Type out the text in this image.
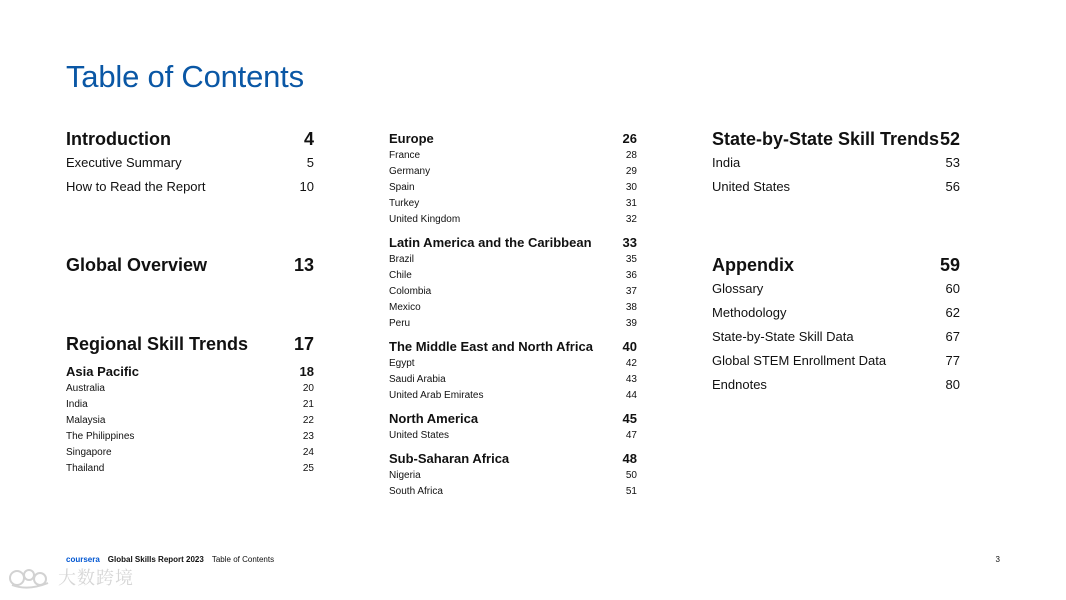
Table of Contents
Introduction	4
Executive Summary	5
How to Read the Report	10
Global Overview	13
Regional Skill Trends	17
Asia Pacific	18
Australia	20
India	21
Malaysia	22
The Philippines	23
Singapore	24
Thailand	25
Europe	26
France	28
Germany	29
Spain	30
Turkey	31
United Kingdom	32
Latin America and the Caribbean 33
Brazil	35
Chile	36
Colombia	37
Mexico	38
Peru	39
The Middle East and North Africa 40
Egypt	42
Saudi Arabia	43
United Arab Emirates	44
North America	45
United States	47
Sub-Saharan Africa	48
Nigeria	50
South Africa	51
State-by-State Skill Trends 52
India	53
United States	56
Appendix	59
Glossary	60
Methodology	62
State-by-State Skill Data	67
Global STEM Enrollment Data	77
Endnotes	80
coursera Global Skills Report 2023 Table of Contents	3
大数跨境
